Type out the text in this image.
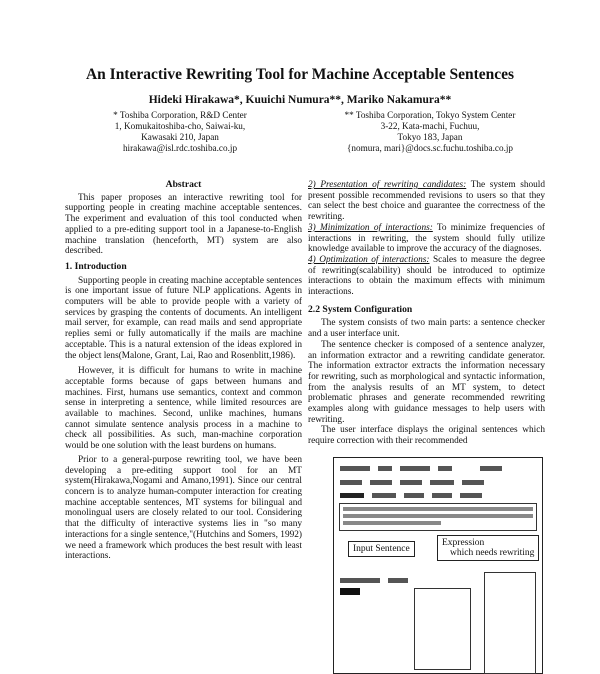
An Interactive Rewriting Tool for Machine Acceptable Sentences
Hideki Hirakawa*, Kuuichi Numura**, Mariko Nakamura**
* Toshiba Corporation, R&D Center
1, Komukaitoshiba-cho, Saiwai-ku,
Kawasaki 210, Japan
hirakawa@isl.rdc.toshiba.co.jp
** Toshiba Corporation, Tokyo System Center
3-22, Kata-machi, Fuchuu,
Tokyo 183, Japan
{nomura, mari}@docs.sc.fuchu.toshiba.co.jp
Abstract

This paper proposes an interactive rewriting tool for supporting people in creating machine acceptable sentences. The experiment and evaluation of this tool conducted when applied to a pre-editing support tool in a Japanese-to-English machine translation (henceforth, MT) system are also described.

1. Introduction

Supporting people in creating machine acceptable sentences is one important issue of future NLP applications. Agents in computers will be able to provide people with a variety of services by grasping the contents of documents. An intelligent mail server, for example, can read mails and send appropriate replies semi or fully automatically if the mails are machine acceptable. This is a natural extension of the ideas explored in the object lens(Malone, Grant, Lai, Rao and Rosenblitt,1986).

However, it is difficult for humans to write in machine acceptable forms because of gaps between humans and machines. First, humans use semantics, context and common sense in interpreting a sentence, while limited resources are available to machines. Second, unlike machines, humans cannot simulate sentence analysis process in a machine to check all possibilities. As such, man-machine corporation would be one solution with the least burdens on humans.

Prior to a general-purpose rewriting tool, we have been developing a pre-editing support tool for an MT system(Hirakawa,Nogami and Amano,1991). Since our central concern is to analyze human-computer interaction for creating machine acceptable sentences, MT systems for bilingual and monolingual users are closely related to our tool. Considering that the difficulty of interactive systems lies in "so many interactions for a single sentence,"(Hutchins and Somers, 1992) we need a framework which produces the best result with least interactions.

2) Presentation of rewriting candidates: The system should present possible recommended revisions to users so that they can select the best choice and guarantee the correctness of the rewriting.

3) Minimization of interactions: To minimize frequencies of interactions in rewriting, the system should fully utilize knowledge available to improve the accuracy of the diagnoses.

4) Optimization of interactions: Scales to measure the degree of rewriting(scalability) should be introduced to optimize interactions to obtain the maximum effects with minimum interactions.

2.2 System Configuration

The system consists of two main parts: a sentence checker and a user interface unit.

The sentence checker is composed of a sentence analyzer, an information extractor and a rewriting candidate generator. The information extractor extracts the information necessary for rewriting, such as morphological and syntactic information, from the analysis results of an MT system, to detect problematic phrases and generate recommended rewriting examples along with guidance messages to help users with rewriting.

The user interface displays the original sentences which require correction with their recommended

Input Sentence
Expression
which needs rewriting
